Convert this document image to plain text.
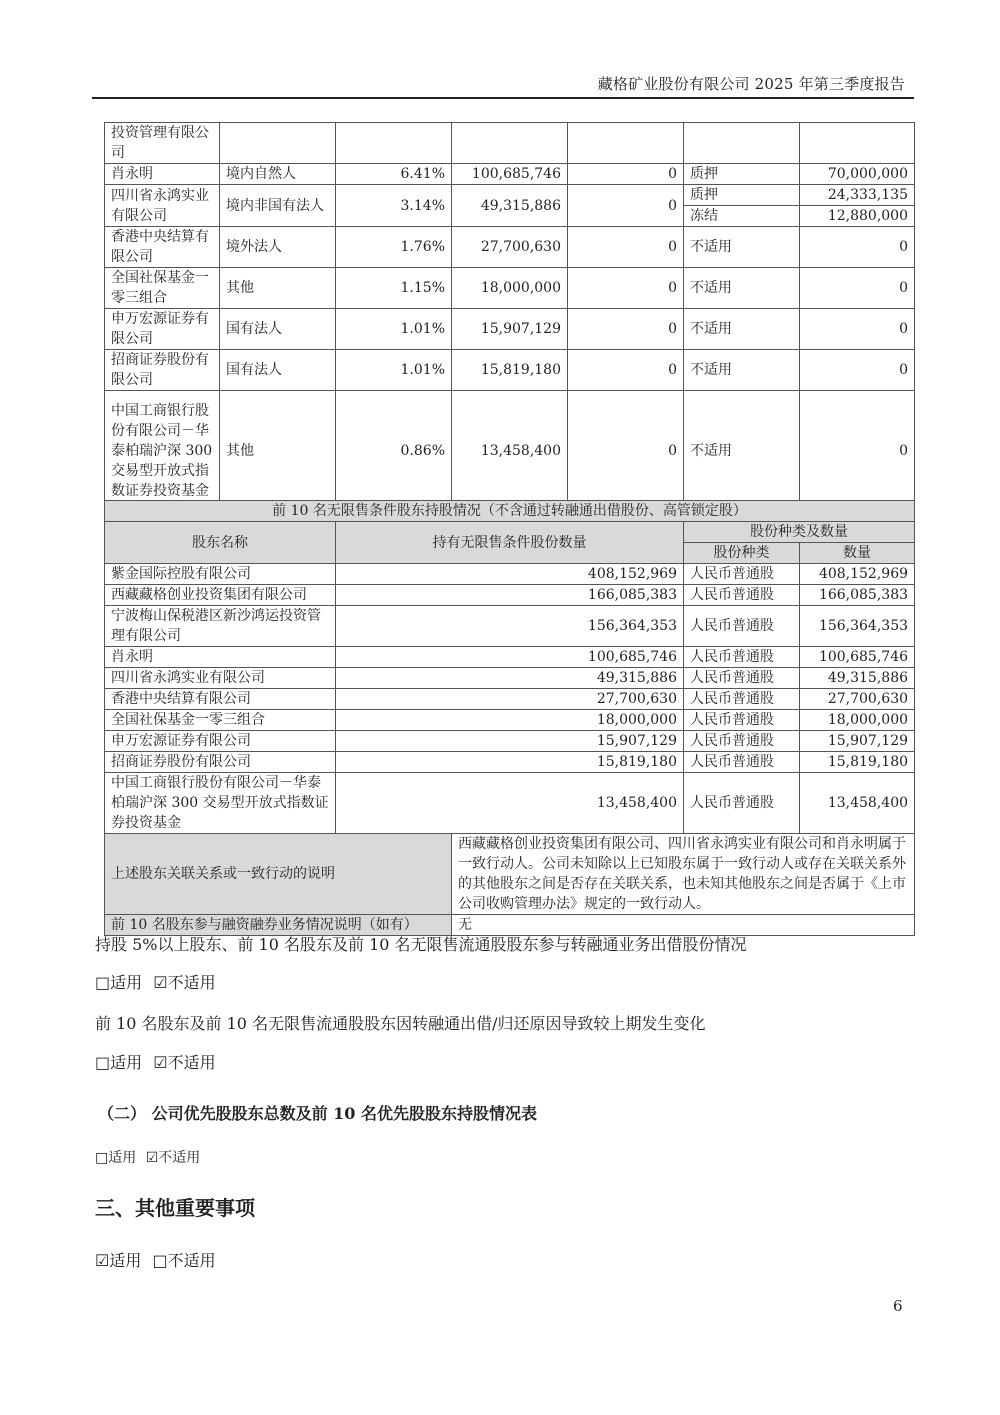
藏格矿业股份有限公司 2025 年第三季度报告
投资管理有限公司						
肖永明	境内自然人	6.41%	100,685,746	0	质押	70,000,000
四川省永鸿实业有限公司	境内非国有法人	3.14%	49,315,886	0	质押	24,333,135
					冻结	12,880,000
香港中央结算有限公司	境外法人	1.76%	27,700,630	0	不适用	0
全国社保基金一零三组合	其他	1.15%	18,000,000	0	不适用	0
申万宏源证券有限公司	国有法人	1.01%	15,907,129	0	不适用	0
招商证券股份有限公司	国有法人	1.01%	15,819,180	0	不适用	0
中国工商银行股份有限公司－华泰柏瑞沪深 300 交易型开放式指数证券投资基金	其他	0.86%	13,458,400	0	不适用	0
前 10 名无限售条件股东持股情况（不含通过转融通出借股份、高管锁定股）				
股东名称	持有无限售条件股份数量		股份种类及数量	
			股份种类	数量
紫金国际控股有限公司	408,152,969		人民币普通股	408,152,969
西藏藏格创业投资集团有限公司	166,085,383		人民币普通股	166,085,383
宁波梅山保税港区新沙鸿运投资管理有限公司	156,364,353		人民币普通股	156,364,353
肖永明	100,685,746		人民币普通股	100,685,746
四川省永鸿实业有限公司	49,315,886		人民币普通股	49,315,886
香港中央结算有限公司	27,700,630		人民币普通股	27,700,630
全国社保基金一零三组合	18,000,000		人民币普通股	18,000,000
申万宏源证券有限公司	15,907,129		人民币普通股	15,907,129
招商证券股份有限公司	15,819,180		人民币普通股	15,819,180
中国工商银行股份有限公司－华泰柏瑞沪深 300 交易型开放式指数证券投资基金	13,458,400		人民币普通股	13,458,400
上述股东关联关系或一致行动的说明		西藏藏格创业投资集团有限公司、四川省永鸿实业有限公司和肖永明属于一致行动人。公司未知除以上已知股东属于一致行动人或存在关联关系外的其他股东之间是否存在关联关系，也未知其他股东之间是否属于《上市公司收购管理办法》规定的一致行动人。		
前 10 名股东参与融资融券业务情况说明（如有）		无		
持股 5%以上股东、前 10 名股东及前 10 名无限售流通股股东参与转融通业务出借股份情况
□适用 ☑不适用
前 10 名股东及前 10 名无限售流通股股东因转融通出借/归还原因导致较上期发生变化
□适用 ☑不适用
（二） 公司优先股股东总数及前 10 名优先股股东持股情况表
□适用 ☑不适用
三、其他重要事项
☑适用 □不适用
6
